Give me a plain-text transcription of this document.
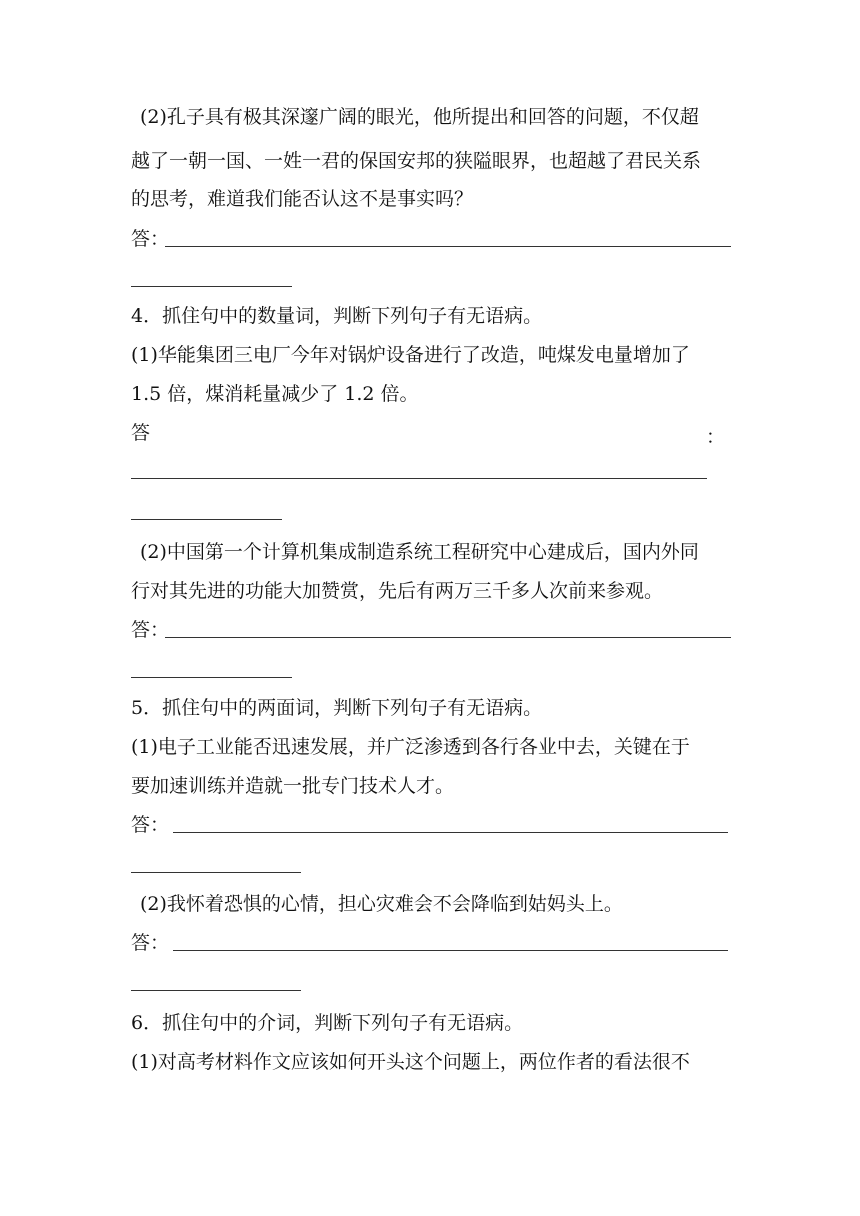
(2)孔子具有极其深邃广阔的眼光，他所提出和回答的问题，不仅超
越了一朝一国、一姓一君的保国安邦的狭隘眼界，也超越了君民关系
的思考，难道我们能否认这不是事实吗？
答：
4．抓住句中的数量词，判断下列句子有无语病。
(1)华能集团三电厂今年对锅炉设备进行了改造，吨煤发电量增加了
1.5 倍，煤消耗量减少了 1.2 倍。
答	：
(2)中国第一个计算机集成制造系统工程研究中心建成后，国内外同
行对其先进的功能大加赞赏，先后有两万三千多人次前来参观。
答：
5．抓住句中的两面词，判断下列句子有无语病。
(1)电子工业能否迅速发展，并广泛渗透到各行各业中去，关键在于
要加速训练并造就一批专门技术人才。
答：
(2)我怀着恐惧的心情，担心灾难会不会降临到姑妈头上。
答：
6．抓住句中的介词，判断下列句子有无语病。
(1)对高考材料作文应该如何开头这个问题上，两位作者的看法很不
